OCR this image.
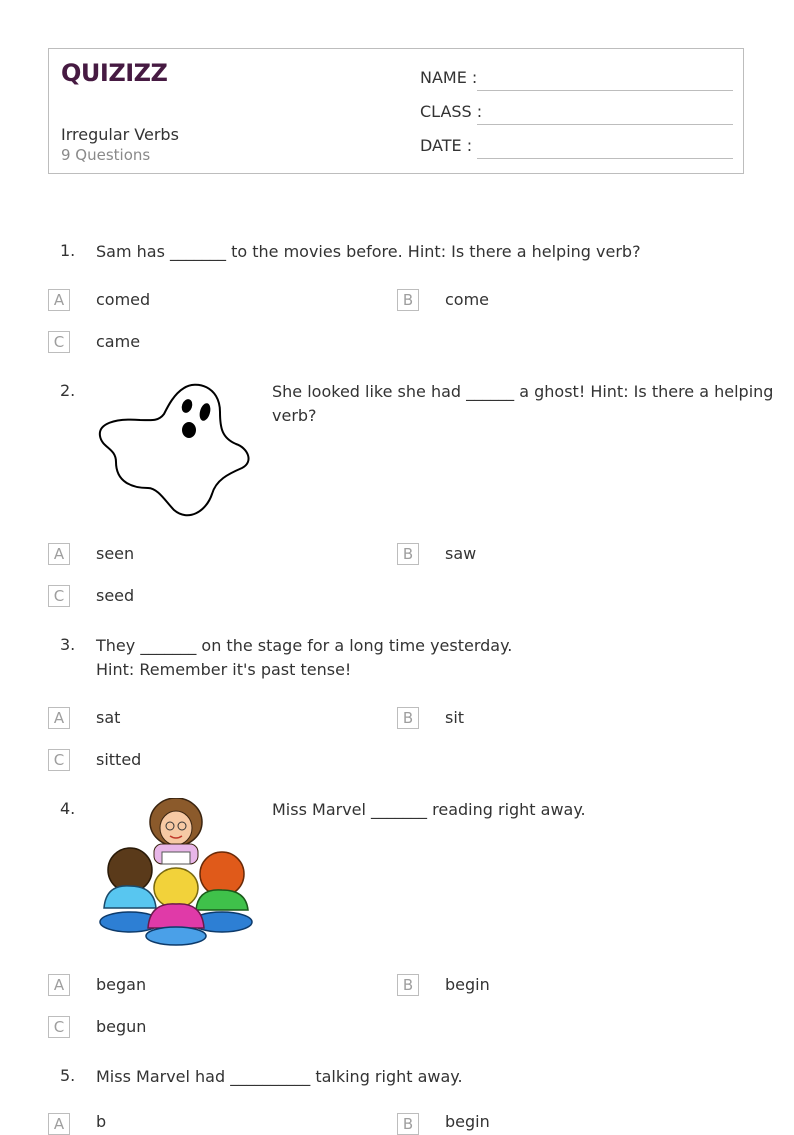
QUIZIZZ
Irregular Verbs
9 Questions
NAME :
CLASS :
DATE :
1. Sam has _______ to the movies before. Hint: Is there a helping verb?
A	comed	B	come
C	came
2.	She looked like she had ______ a ghost! Hint: Is there a helping
verb?
A	seen	B	saw
C	seed
3. They _______ on the stage for a long time yesterday.
Hint: Remember it's past tense!
A	sat	B	sit
C	sitted
4.	Miss Marvel _______ reading right away.
A	began	B	begin
C	begun
5. Miss Marvel had __________ talking right away.
A	b	B	begin
